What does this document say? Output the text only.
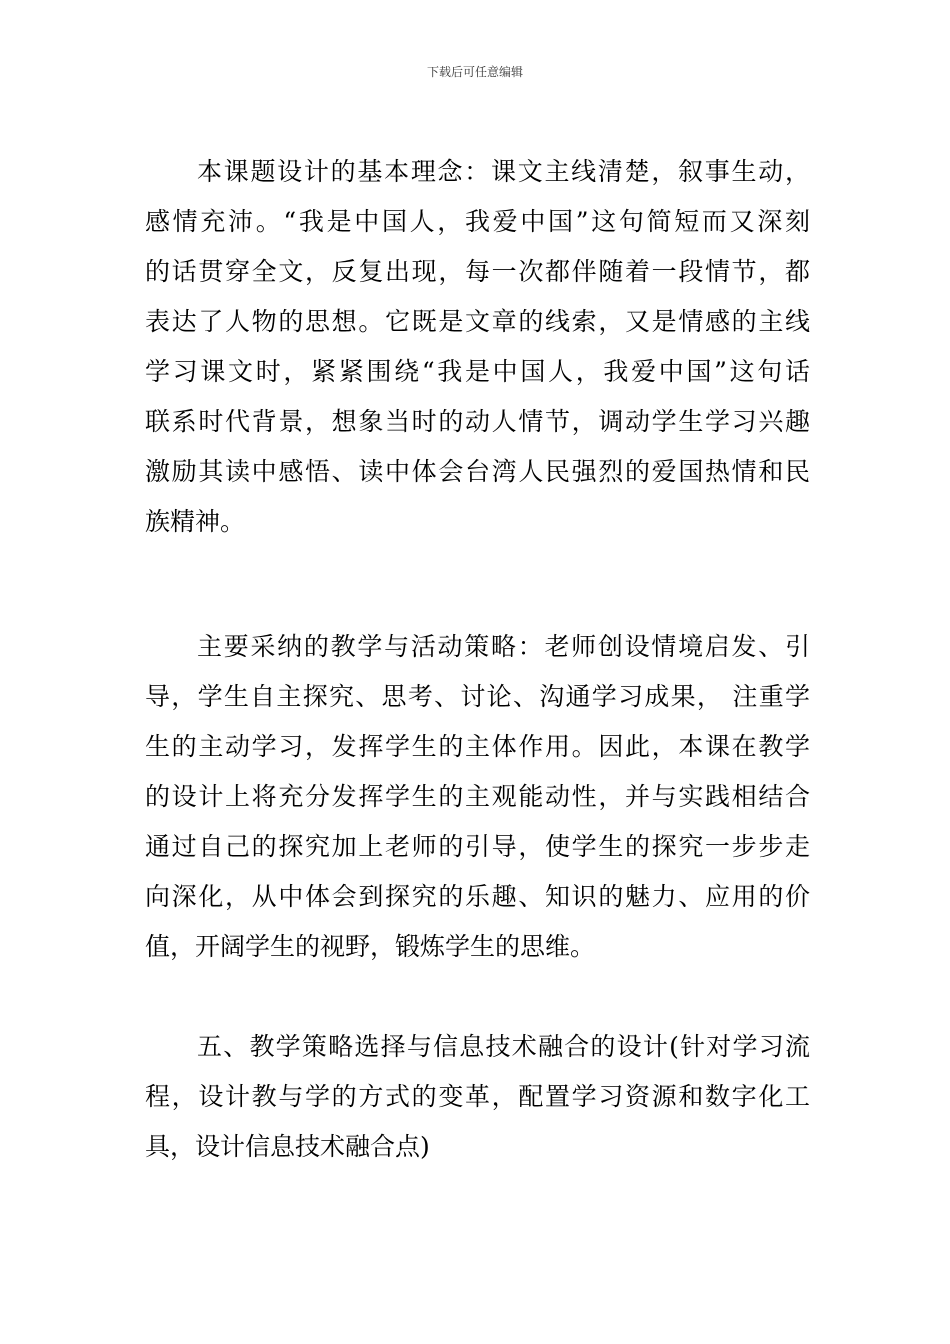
下载后可任意编辑
本课题设计的基本理念：课文主线清楚，叙事生动，
感情充沛。“我是中国人，我爱中国”这句简短而又深刻
的话贯穿全文，反复出现，每一次都伴随着一段情节，都
表达了人物的思想。它既是文章的线索，又是情感的主线
学习课文时，紧紧围绕“我是中国人，我爱中国”这句话
联系时代背景，想象当时的动人情节，调动学生学习兴趣
激励其读中感悟、读中体会台湾人民强烈的爱国热情和民
族精神。
主要采纳的教学与活动策略：老师创设情境启发、引
导，学生自主探究、思考、讨论、沟通学习成果， 注重学
生的主动学习，发挥学生的主体作用。因此，本课在教学
的设计上将充分发挥学生的主观能动性，并与实践相结合
通过自己的探究加上老师的引导，使学生的探究一步步走
向深化，从中体会到探究的乐趣、知识的魅力、应用的价
值，开阔学生的视野，锻炼学生的思维。
五、教学策略选择与信息技术融合的设计(针对学习流
程，设计教与学的方式的变革，配置学习资源和数字化工
具，设计信息技术融合点)
